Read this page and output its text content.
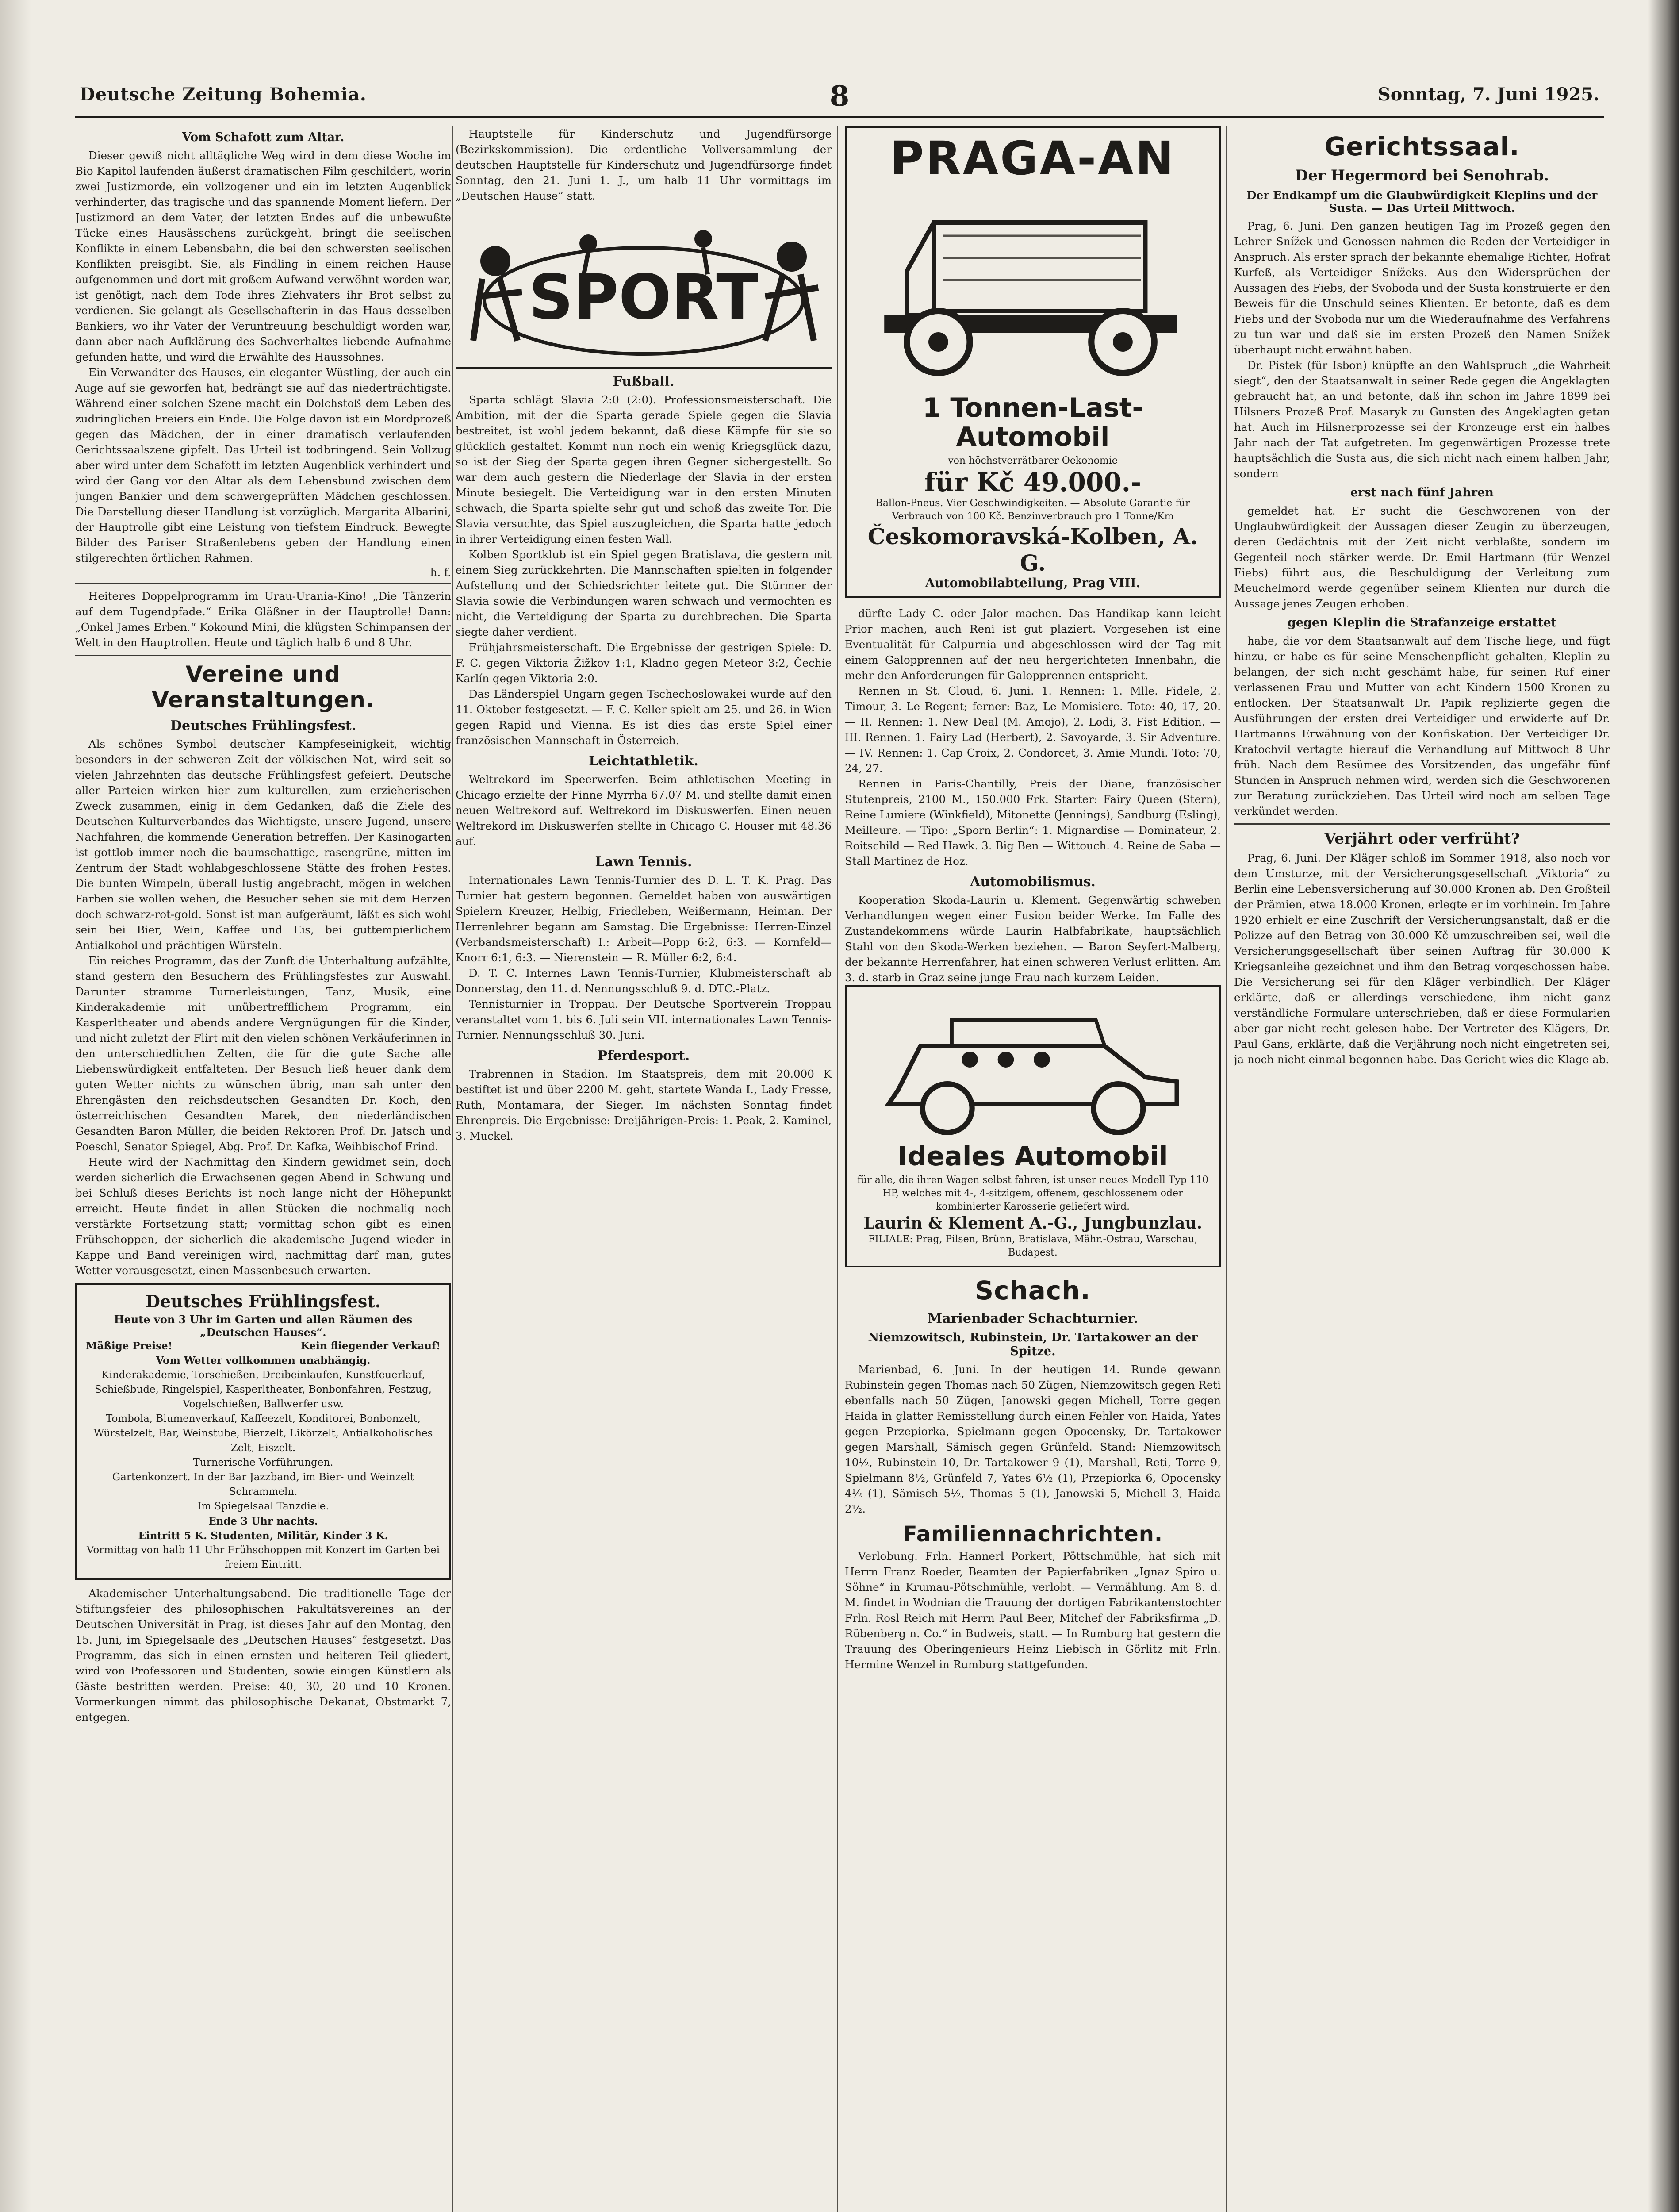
Deutsche Zeitung Bohemia.	8	Sonntag, 7. Juni 1925.
Vom Schafott zum Altar.

Dieser gewiß nicht alltägliche Weg wird in dem diese Woche im Bio Kapitol laufenden äußerst dramatischen Film geschildert, worin zwei Justizmorde, ein vollzogener und ein im letzten Augenblick verhinderter, das tragische und das spannende Moment liefern. Der Justizmord an dem Vater, der letzten Endes auf die unbewußte Tücke eines Hausässchens zurückgeht, bringt die seelischen Konflikte in einem Lebensbahn, die bei den schwersten seelischen Konflikten preisgibt. Sie, als Findling in einem reichen Hause aufgenommen und dort mit großem Aufwand verwöhnt worden war, ist genötigt, nach dem Tode ihres Ziehvaters ihr Brot selbst zu verdienen. Sie gelangt als Gesellschafterin in das Haus desselben Bankiers, wo ihr Vater der Veruntreuung beschuldigt worden war, dann aber nach Aufklärung des Sachverhaltes liebende Aufnahme gefunden hatte, und wird die Erwählte des Haussohnes.

Ein Verwandter des Hauses, ein eleganter Wüstling, der auch ein Auge auf sie geworfen hat, bedrängt sie auf das niederträchtigste. Während einer solchen Szene macht ein Dolchstoß dem Leben des zudringlichen Freiers ein Ende. Die Folge davon ist ein Mordprozeß gegen das Mädchen, der in einer dramatisch verlaufenden Gerichtssaalszene gipfelt. Das Urteil ist todbringend. Sein Vollzug aber wird unter dem Schafott im letzten Augenblick verhindert und wird der Gang vor den Altar als dem Lebensbund zwischen dem jungen Bankier und dem schwergeprüften Mädchen geschlossen. Die Darstellung dieser Handlung ist vorzüglich. Margarita Albarini, der Hauptrolle gibt eine Leistung von tiefstem Eindruck. Bewegte Bilder des Pariser Straßenlebens geben der Handlung einen stilgerechten örtlichen Rahmen.

h. f.

Heiteres Doppelprogramm im Urau-Urania-Kino! „Die Tänzerin auf dem Tugendpfade.“ Erika Gläßner in der Hauptrolle! Dann: „Onkel James Erben.“ Kokound Mini, die klügsten Schimpansen der Welt in den Hauptrollen. Heute und täglich halb 6 und 8 Uhr.

Vereine und Veranstaltungen.
Deutsches Frühlingsfest.

Als schönes Symbol deutscher Kampfeseinigkeit, wichtig besonders in der schweren Zeit der völkischen Not, wird seit so vielen Jahrzehnten das deutsche Frühlingsfest gefeiert. Deutsche aller Parteien wirken hier zum kulturellen, zum erzieherischen Zweck zusammen, einig in dem Gedanken, daß die Ziele des Deutschen Kulturverbandes das Wichtigste, unsere Jugend, unsere Nachfahren, die kommende Generation betreffen. Der Kasinogarten ist gottlob immer noch die baumschattige, rasengrüne, mitten im Zentrum der Stadt wohlabgeschlossene Stätte des frohen Festes. Die bunten Wimpeln, überall lustig angebracht, mögen in welchen Farben sie wollen wehen, die Besucher sehen sie mit dem Herzen doch schwarz-rot-gold. Sonst ist man aufgeräumt, läßt es sich wohl sein bei Bier, Wein, Kaffee und Eis, bei guttempierlichem Antialkohol und prächtigen Würsteln.

Ein reiches Programm, das der Zunft die Unterhaltung aufzählte, stand gestern den Besuchern des Frühlingsfestes zur Auswahl. Darunter stramme Turnerleistungen, Tanz, Musik, eine Kinderakademie mit unübertrefflichem Programm, ein Kasperltheater und abends andere Vergnügungen für die Kinder, und nicht zuletzt der Flirt mit den vielen schönen Verkäuferinnen in den unterschiedlichen Zelten, die für die gute Sache alle Liebenswürdigkeit entfalteten. Der Besuch ließ heuer dank dem guten Wetter nichts zu wünschen übrig, man sah unter den Ehrengästen den reichsdeutschen Gesandten Dr. Koch, den österreichischen Gesandten Marek, den niederländischen Gesandten Baron Müller, die beiden Rektoren Prof. Dr. Jatsch und Poeschl, Senator Spiegel, Abg. Prof. Dr. Kafka, Weihbischof Frind.

Heute wird der Nachmittag den Kindern gewidmet sein, doch werden sicherlich die Erwachsenen gegen Abend in Schwung und bei Schluß dieses Berichts ist noch lange nicht der Höhepunkt erreicht. Heute findet in allen Stücken die nochmalig noch verstärkte Fortsetzung statt; vormittag schon gibt es einen Frühschoppen, der sicherlich die akademische Jugend wieder in Kappe und Band vereinigen wird, nachmittag darf man, gutes Wetter vorausgesetzt, einen Massenbesuch erwarten.

Deutsches Frühlingsfest.
Heute von 3 Uhr im Garten und allen Räumen des „Deutschen Hauses“.
Mäßige Preise!	Kein fliegender Verkauf!
Vom Wetter vollkommen unabhängig.
Kinderakademie, Torschießen, Dreibeinlaufen, Kunstfeuerlauf, Schießbude, Ringelspiel, Kasperltheater, Bonbonfahren, Festzug, Vogelschießen, Ballwerfer usw.
Tombola, Blumenverkauf, Kaffeezelt, Konditorei, Bonbonzelt, Würstelzelt, Bar, Weinstube, Bierzelt, Likörzelt, Antialkoholisches Zelt, Eiszelt.
Turnerische Vorführungen.
Gartenkonzert. In der Bar Jazzband, im Bier- und Weinzelt Schrammeln.
Im Spiegelsaal Tanzdiele.
Ende 3 Uhr nachts.
Eintritt 5 K. Studenten, Militär, Kinder 3 K.
Vormittag von halb 11 Uhr Frühschoppen mit Konzert im Garten bei freiem Eintritt.

Akademischer Unterhaltungsabend. Die traditionelle Tage der Stiftungsfeier des philosophischen Fakultätsvereines an der Deutschen Universität in Prag, ist dieses Jahr auf den Montag, den 15. Juni, im Spiegelsaale des „Deutschen Hauses“ festgesetzt. Das Programm, das sich in einen ernsten und heiteren Teil gliedert, wird von Professoren und Studenten, sowie einigen Künstlern als Gäste bestritten werden. Preise: 40, 30, 20 und 10 Kronen. Vormerkungen nimmt das philosophische Dekanat, Obstmarkt 7, entgegen.

Hauptstelle für Kinderschutz und Jugendfürsorge (Bezirkskommission). Die ordentliche Vollversammlung der deutschen Hauptstelle für Kinderschutz und Jugendfürsorge findet Sonntag, den 21. Juni 1. J., um halb 11 Uhr vormittags im „Deutschen Hause“ statt.

SPORT
Fußball.

Sparta schlägt Slavia 2:0 (2:0). Professionsmeisterschaft. Die Ambition, mit der die Sparta gerade Spiele gegen die Slavia bestreitet, ist wohl jedem bekannt, daß diese Kämpfe für sie so glücklich gestaltet. Kommt nun noch ein wenig Kriegsglück dazu, so ist der Sieg der Sparta gegen ihren Gegner sichergestellt. So war dem auch gestern die Niederlage der Slavia in der ersten Minute besiegelt. Die Verteidigung war in den ersten Minuten schwach, die Sparta spielte sehr gut und schoß das zweite Tor. Die Slavia versuchte, das Spiel auszugleichen, die Sparta hatte jedoch in ihrer Verteidigung einen festen Wall.

Kolben Sportklub ist ein Spiel gegen Bratislava, die gestern mit einem Sieg zurückkehrten. Die Mannschaften spielten in folgender Aufstellung und der Schiedsrichter leitete gut. Die Stürmer der Slavia sowie die Verbindungen waren schwach und vermochten es nicht, die Verteidigung der Sparta zu durchbrechen. Die Sparta siegte daher verdient.

Frühjahrsmeisterschaft. Die Ergebnisse der gestrigen Spiele: D. F. C. gegen Viktoria Žižkov 1:1, Kladno gegen Meteor 3:2, Čechie Karlín gegen Viktoria 2:0.

Das Länderspiel Ungarn gegen Tschechoslowakei wurde auf den 11. Oktober festgesetzt. — F. C. Keller spielt am 25. und 26. in Wien gegen Rapid und Vienna. Es ist dies das erste Spiel einer französischen Mannschaft in Österreich.

Leichtathletik.

Weltrekord im Speerwerfen. Beim athletischen Meeting in Chicago erzielte der Finne Myrrha 67.07 M. und stellte damit einen neuen Weltrekord auf. Weltrekord im Diskuswerfen. Einen neuen Weltrekord im Diskuswerfen stellte in Chicago C. Houser mit 48.36 auf.

Lawn Tennis.

Internationales Lawn Tennis-Turnier des D. L. T. K. Prag. Das Turnier hat gestern begonnen. Gemeldet haben von auswärtigen Spielern Kreuzer, Helbig, Friedleben, Weißermann, Heiman. Der Herrenlehrer begann am Samstag. Die Ergebnisse: Herren-Einzel (Verbandsmeisterschaft) I.: Arbeit—Popp 6:2, 6:3. — Kornfeld—Knorr 6:1, 6:3. — Nierenstein — R. Müller 6:2, 6:4.

D. T. C. Internes Lawn Tennis-Turnier, Klubmeisterschaft ab Donnerstag, den 11. d. Nennungsschluß 9. d. DTC.-Platz.

Tennisturnier in Troppau. Der Deutsche Sportverein Troppau veranstaltet vom 1. bis 6. Juli sein VII. internationales Lawn Tennis-Turnier. Nennungsschluß 30. Juni.

Pferdesport.

Trabrennen in Stadion. Im Staatspreis, dem mit 20.000 K bestiftet ist und über 2200 M. geht, startete Wanda I., Lady Fresse, Ruth, Montamara, der Sieger. Im nächsten Sonntag findet Ehrenpreis. Die Ergebnisse: Dreijährigen-Preis: 1. Peak, 2. Kaminel, 3. Muckel.

PRAGA-AN
1 Tonnen-Last-Automobil
von höchstverrätbarer Oekonomie
für Kč 49.000.-
Ballon-Pneus. Vier Geschwindigkeiten. — Absolute Garantie für Verbrauch von 100 Kč. Benzinverbrauch pro 1 Tonne/Km
Českomoravská-Kolben, A. G.
Automobilabteilung, Prag VIII.

dürfte Lady C. oder Jalor machen. Das Handikap kann leicht Prior machen, auch Reni ist gut plaziert. Vorgesehen ist eine Eventualität für Calpurnia und abgeschlossen wird der Tag mit einem Galopprennen auf der neu hergerichteten Innenbahn, die mehr den Anforderungen für Galopprennen entspricht.

Rennen in St. Cloud, 6. Juni. 1. Rennen: 1. Mlle. Fidele, 2. Timour, 3. Le Regent; ferner: Baz, Le Momisiere. Toto: 40, 17, 20. — II. Rennen: 1. New Deal (M. Amojo), 2. Lodi, 3. Fist Edition. — III. Rennen: 1. Fairy Lad (Herbert), 2. Savoyarde, 3. Sir Adventure. — IV. Rennen: 1. Cap Croix, 2. Condorcet, 3. Amie Mundi. Toto: 70, 24, 27.

Rennen in Paris-Chantilly, Preis der Diane, französischer Stutenpreis, 2100 M., 150.000 Frk. Starter: Fairy Queen (Stern), Reine Lumiere (Winkfield), Mitonette (Jennings), Sandburg (Esling), Meilleure. — Tipo: „Sporn Berlin“: 1. Mignardise — Dominateur, 2. Roitschild — Red Hawk. 3. Big Ben — Wittouch. 4. Reine de Saba — Stall Martinez de Hoz.

Automobilismus.

Kooperation Skoda-Laurin u. Klement. Gegenwärtig schweben Verhandlungen wegen einer Fusion beider Werke. Im Falle des Zustandekommens würde Laurin Halbfabrikate, hauptsächlich Stahl von den Skoda-Werken beziehen. — Baron Seyfert-Malberg, der bekannte Herrenfahrer, hat einen schweren Verlust erlitten. Am 3. d. starb in Graz seine junge Frau nach kurzem Leiden.

Ideales Automobil
für alle, die ihren Wagen selbst fahren, ist unser neues Modell Typ 110 HP, welches mit 4-, 4-sitzigem, offenem, geschlossenem oder kombinierter Karosserie geliefert wird.
Laurin & Klement A.-G., Jungbunzlau.
FILIALE: Prag, Pilsen, Brünn, Bratislava, Mähr.-Ostrau, Warschau, Budapest.
Schach.
Marienbader Schachturnier.
Niemzowitsch, Rubinstein, Dr. Tartakower an der Spitze.

Marienbad, 6. Juni. In der heutigen 14. Runde gewann Rubinstein gegen Thomas nach 50 Zügen, Niemzowitsch gegen Reti ebenfalls nach 50 Zügen, Janowski gegen Michell, Torre gegen Haida in glatter Remisstellung durch einen Fehler von Haida, Yates gegen Przepiorka, Spielmann gegen Opocensky, Dr. Tartakower gegen Marshall, Sämisch gegen Grünfeld. Stand: Niemzowitsch 10½, Rubinstein 10, Dr. Tartakower 9 (1), Marshall, Reti, Torre 9, Spielmann 8½, Grünfeld 7, Yates 6½ (1), Przepiorka 6, Opocensky 4½ (1), Sämisch 5½, Thomas 5 (1), Janowski 5, Michell 3, Haida 2½.

Familiennachrichten.

Verlobung. Frln. Hannerl Porkert, Pöttschmühle, hat sich mit Herrn Franz Roeder, Beamten der Papierfabriken „Ignaz Spiro u. Söhne“ in Krumau-Pötschmühle, verlobt. — Vermählung. Am 8. d. M. findet in Wodnian die Trauung der dortigen Fabrikantenstochter Frln. Rosl Reich mit Herrn Paul Beer, Mitchef der Fabriksfirma „D. Rübenberg n. Co.“ in Budweis, statt. — In Rumburg hat gestern die Trauung des Oberingenieurs Heinz Liebisch in Görlitz mit Frln. Hermine Wenzel in Rumburg stattgefunden.

Gerichtssaal.
Der Hegermord bei Senohrab.
Der Endkampf um die Glaubwürdigkeit Kleplins und der Susta. — Das Urteil Mittwoch.

Prag, 6. Juni. Den ganzen heutigen Tag im Prozeß gegen den Lehrer Snížek und Genossen nahmen die Reden der Verteidiger in Anspruch. Als erster sprach der bekannte ehemalige Richter, Hofrat Kurfeß, als Verteidiger Snížeks. Aus den Widersprüchen der Aussagen des Fiebs, der Svoboda und der Susta konstruierte er den Beweis für die Unschuld seines Klienten. Er betonte, daß es dem Fiebs und der Svoboda nur um die Wiederaufnahme des Verfahrens zu tun war und daß sie im ersten Prozeß den Namen Snížek überhaupt nicht erwähnt haben.

Dr. Pistek (für Isbon) knüpfte an den Wahlspruch „die Wahrheit siegt“, den der Staatsanwalt in seiner Rede gegen die Angeklagten gebraucht hat, an und betonte, daß ihn schon im Jahre 1899 bei Hilsners Prozeß Prof. Masaryk zu Gunsten des Angeklagten getan hat. Auch im Hilsnerprozesse sei der Kronzeuge erst ein halbes Jahr nach der Tat aufgetreten. Im gegenwärtigen Prozesse trete hauptsächlich die Susta aus, die sich nicht nach einem halben Jahr, sondern

erst nach fünf Jahren

gemeldet hat. Er sucht die Geschworenen von der Unglaubwürdigkeit der Aussagen dieser Zeugin zu überzeugen, deren Gedächtnis mit der Zeit nicht verblaßte, sondern im Gegenteil noch stärker werde. Dr. Emil Hartmann (für Wenzel Fiebs) führt aus, die Beschuldigung der Verleitung zum Meuchelmord werde gegenüber seinem Klienten nur durch die Aussage jenes Zeugen erhoben.

gegen Kleplin die Strafanzeige erstattet

habe, die vor dem Staatsanwalt auf dem Tische liege, und fügt hinzu, er habe es für seine Menschenpflicht gehalten, Kleplin zu belangen, der sich nicht geschämt habe, für seinen Ruf einer verlassenen Frau und Mutter von acht Kindern 1500 Kronen zu entlocken. Der Staatsanwalt Dr. Papik replizierte gegen die Ausführungen der ersten drei Verteidiger und erwiderte auf Dr. Hartmanns Erwähnung von der Konfiskation. Der Verteidiger Dr. Kratochvil vertagte hierauf die Verhandlung auf Mittwoch 8 Uhr früh. Nach dem Resümee des Vorsitzenden, das ungefähr fünf Stunden in Anspruch nehmen wird, werden sich die Geschworenen zur Beratung zurückziehen. Das Urteil wird noch am selben Tage verkündet werden.

Verjährt oder verfrüht?

Prag, 6. Juni. Der Kläger schloß im Sommer 1918, also noch vor dem Umsturze, mit der Versicherungsgesellschaft „Viktoria“ zu Berlin eine Lebensversicherung auf 30.000 Kronen ab. Den Großteil der Prämien, etwa 18.000 Kronen, erlegte er im vorhinein. Im Jahre 1920 erhielt er eine Zuschrift der Versicherungsanstalt, daß er die Polizze auf den Betrag von 30.000 Kč umzuschreiben sei, weil die Versicherungsgesellschaft über seinen Auftrag für 30.000 K Kriegsanleihe gezeichnet und ihm den Betrag vorgeschossen habe. Die Versicherung sei für den Kläger verbindlich. Der Kläger erklärte, daß er allerdings verschiedene, ihm nicht ganz verständliche Formulare unterschrieben, daß er diese Formularien aber gar nicht recht gelesen habe. Der Vertreter des Klägers, Dr. Paul Gans, erklärte, daß die Verjährung noch nicht eingetreten sei, ja noch nicht einmal begonnen habe. Das Gericht wies die Klage ab.
